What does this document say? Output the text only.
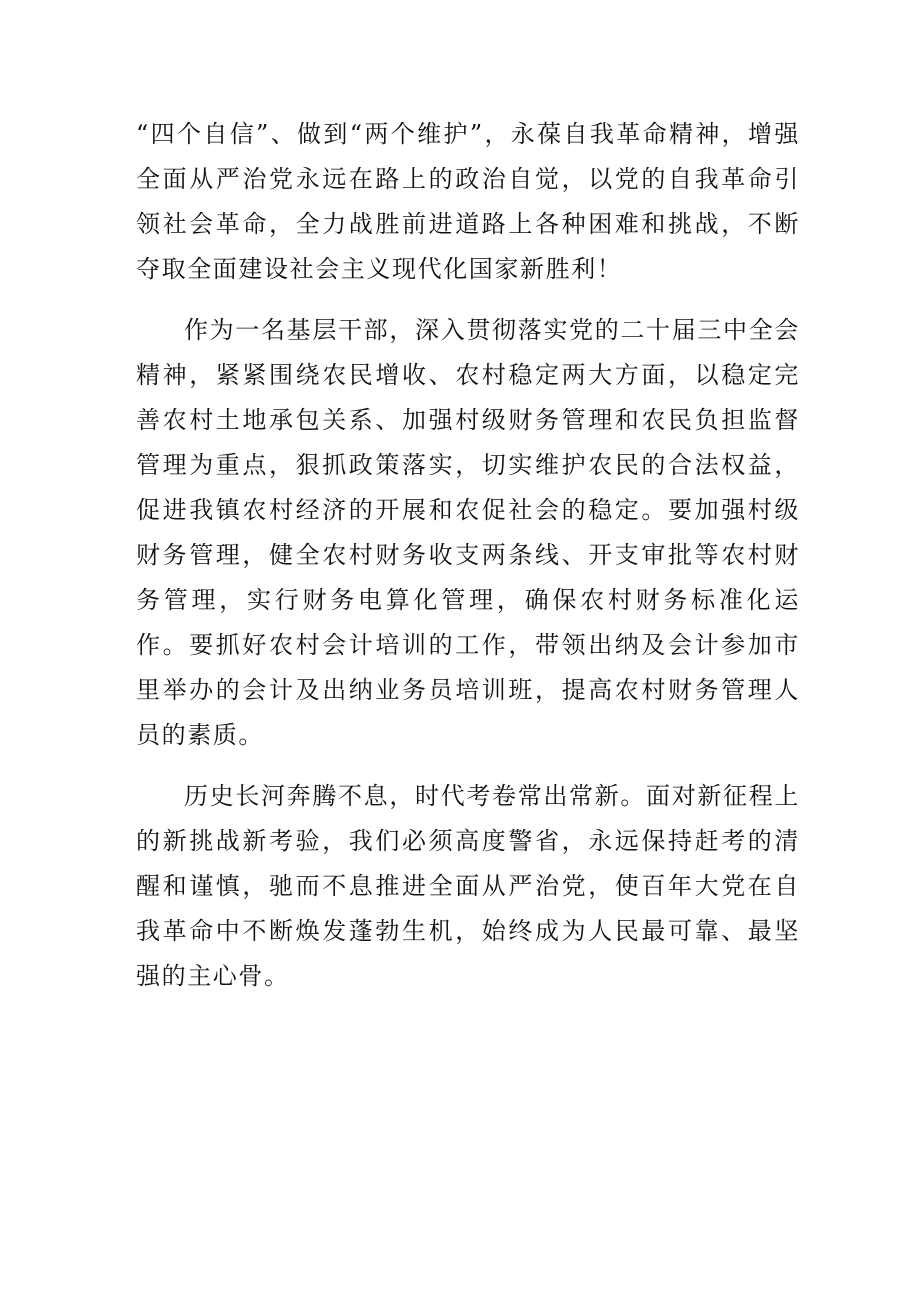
“四个自信”、做到“两个维护”，永葆自我革命精神，增强全面从严治党永远在路上的政治自觉，以党的自我革命引领社会革命，全力战胜前进道路上各种困难和挑战，不断夺取全面建设社会主义现代化国家新胜利！

作为一名基层干部，深入贯彻落实党的二十届三中全会精神，紧紧围绕农民增收、农村稳定两大方面，以稳定完善农村土地承包关系、加强村级财务管理和农民负担监督管理为重点，狠抓政策落实，切实维护农民的合法权益，促进我镇农村经济的开展和农促社会的稳定。要加强村级财务管理，健全农村财务收支两条线、开支审批等农村财务管理，实行财务电算化管理，确保农村财务标准化运作。要抓好农村会计培训的工作，带领出纳及会计参加市里举办的会计及出纳业务员培训班，提高农村财务管理人员的素质。

历史长河奔腾不息，时代考卷常出常新。面对新征程上的新挑战新考验，我们必须高度警省，永远保持赶考的清醒和谨慎，驰而不息推进全面从严治党，使百年大党在自我革命中不断焕发蓬勃生机，始终成为人民最可靠、最坚强的主心骨。
